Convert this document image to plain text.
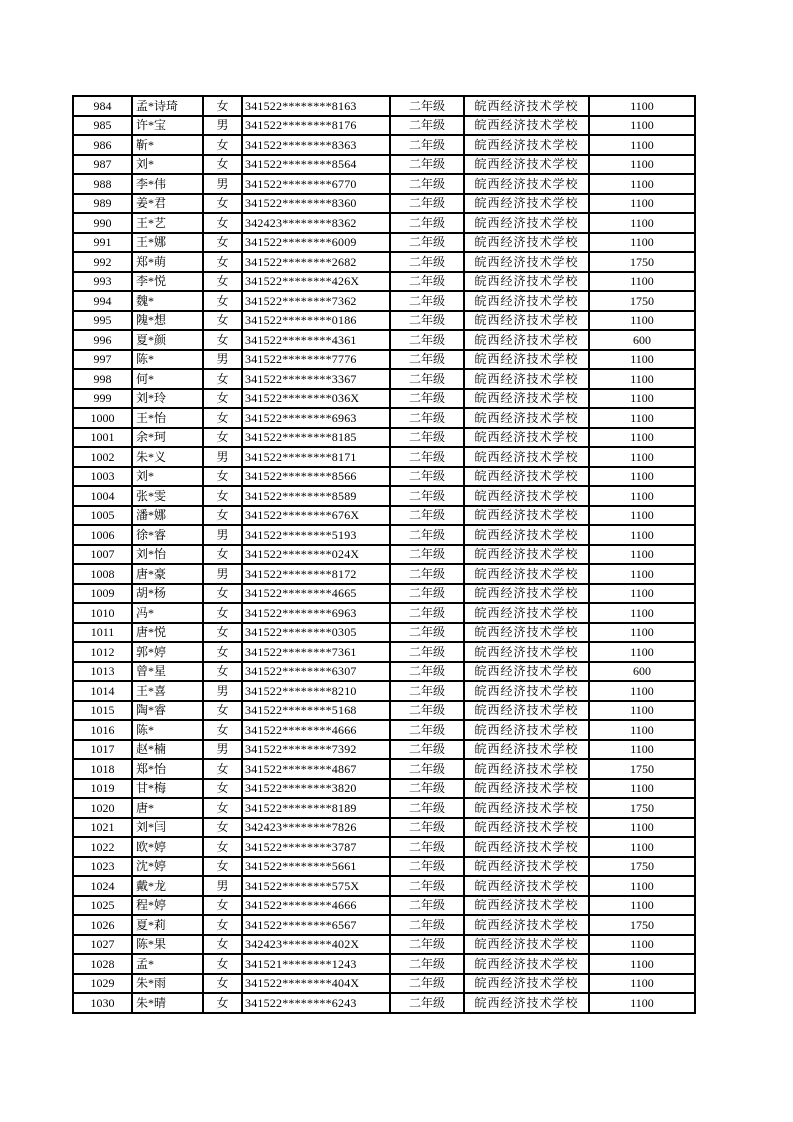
984	孟*诗琦	女	341522********8163	二年级	皖西经济技术学校	1100
985	许*宝	男	341522********8176	二年级	皖西经济技术学校	1100
986	靳*	女	341522********8363	二年级	皖西经济技术学校	1100
987	刘*	女	341522********8564	二年级	皖西经济技术学校	1100
988	李*伟	男	341522********6770	二年级	皖西经济技术学校	1100
989	姜*君	女	341522********8360	二年级	皖西经济技术学校	1100
990	王*艺	女	342423********8362	二年级	皖西经济技术学校	1100
991	王*娜	女	341522********6009	二年级	皖西经济技术学校	1100
992	郑*萌	女	341522********2682	二年级	皖西经济技术学校	1750
993	李*悦	女	341522********426X	二年级	皖西经济技术学校	1100
994	魏*	女	341522********7362	二年级	皖西经济技术学校	1750
995	隗*想	女	341522********0186	二年级	皖西经济技术学校	1100
996	夏*颜	女	341522********4361	二年级	皖西经济技术学校	600
997	陈*	男	341522********7776	二年级	皖西经济技术学校	1100
998	何*	女	341522********3367	二年级	皖西经济技术学校	1100
999	刘*玲	女	341522********036X	二年级	皖西经济技术学校	1100
1000	王*怡	女	341522********6963	二年级	皖西经济技术学校	1100
1001	余*珂	女	341522********8185	二年级	皖西经济技术学校	1100
1002	朱*义	男	341522********8171	二年级	皖西经济技术学校	1100
1003	刘*	女	341522********8566	二年级	皖西经济技术学校	1100
1004	张*雯	女	341522********8589	二年级	皖西经济技术学校	1100
1005	潘*娜	女	341522********676X	二年级	皖西经济技术学校	1100
1006	徐*睿	男	341522********5193	二年级	皖西经济技术学校	1100
1007	刘*怡	女	341522********024X	二年级	皖西经济技术学校	1100
1008	唐*豪	男	341522********8172	二年级	皖西经济技术学校	1100
1009	胡*杨	女	341522********4665	二年级	皖西经济技术学校	1100
1010	冯*	女	341522********6963	二年级	皖西经济技术学校	1100
1011	唐*悦	女	341522********0305	二年级	皖西经济技术学校	1100
1012	郭*婷	女	341522********7361	二年级	皖西经济技术学校	1100
1013	曾*星	女	341522********6307	二年级	皖西经济技术学校	600
1014	王*喜	男	341522********8210	二年级	皖西经济技术学校	1100
1015	陶*睿	女	341522********5168	二年级	皖西经济技术学校	1100
1016	陈*	女	341522********4666	二年级	皖西经济技术学校	1100
1017	赵*楠	男	341522********7392	二年级	皖西经济技术学校	1100
1018	郑*怡	女	341522********4867	二年级	皖西经济技术学校	1750
1019	甘*梅	女	341522********3820	二年级	皖西经济技术学校	1100
1020	唐*	女	341522********8189	二年级	皖西经济技术学校	1750
1021	刘*闫	女	342423********7826	二年级	皖西经济技术学校	1100
1022	欧*婷	女	341522********3787	二年级	皖西经济技术学校	1100
1023	沈*婷	女	341522********5661	二年级	皖西经济技术学校	1750
1024	戴*龙	男	341522********575X	二年级	皖西经济技术学校	1100
1025	程*婷	女	341522********4666	二年级	皖西经济技术学校	1100
1026	夏*莉	女	341522********6567	二年级	皖西经济技术学校	1750
1027	陈*果	女	342423********402X	二年级	皖西经济技术学校	1100
1028	孟*	女	341521********1243	二年级	皖西经济技术学校	1100
1029	朱*雨	女	341522********404X	二年级	皖西经济技术学校	1100
1030	朱*晴	女	341522********6243	二年级	皖西经济技术学校	1100
